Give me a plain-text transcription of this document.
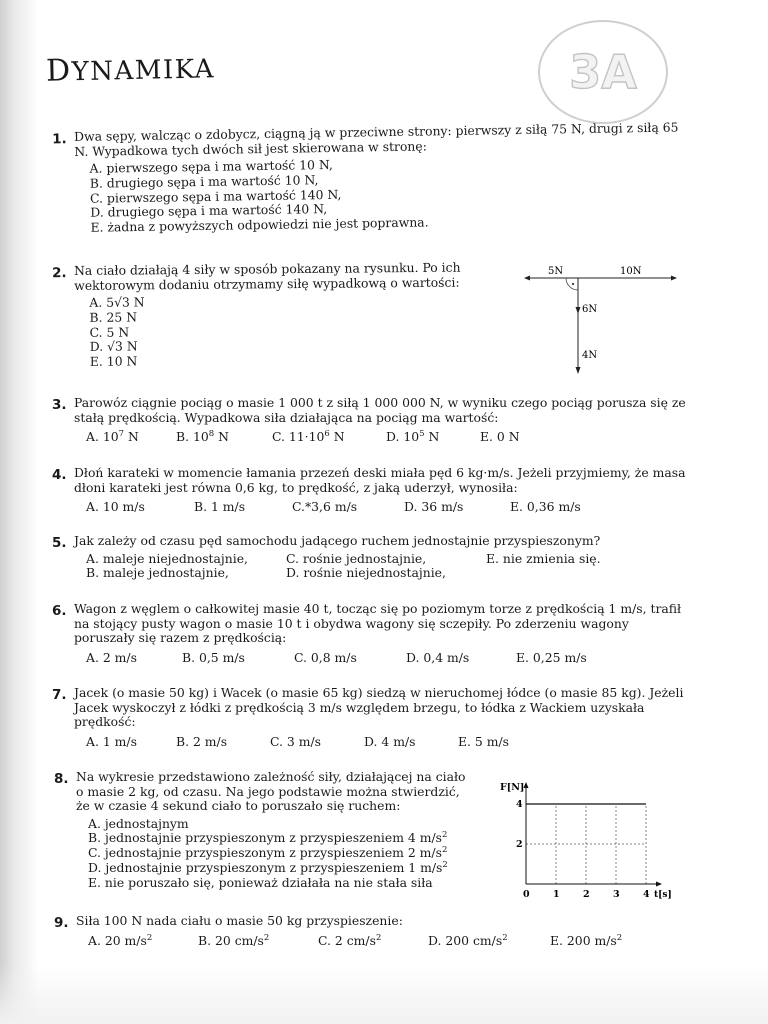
DYNAMIKA	3A
1. Dwa sępy, walcząc o zdobycz, ciągną ją w przeciwne strony: pierwszy z siłą 75 N, drugi z siłą 65 N. Wypadkowa tych dwóch sił jest skierowana w stronę:

A. pierwszego sępa i ma wartość 10 N,
B. drugiego sępa i ma wartość 10 N,
C. pierwszego sępa i ma wartość 140 N,
D. drugiego sępa i ma wartość 140 N,
E. żadna z powyższych odpowiedzi nie jest poprawna.
2. Na ciało działają 4 siły w sposób pokazany na rysunku. Po ich wektorowym dodaniu otrzymamy siłę wypadkową o wartości:

A. 5√3 N
B. 25 N
C. 5 N
D. √3 N
E. 10 N
5N	10N
6N
4N
3. Parowóz ciągnie pociąg o masie 1 000 t z siłą 1 000 000 N, w wyniku czego pociąg porusza się ze stałą prędkością. Wypadkowa siła działająca na pociąg ma wartość:

A. $10^7$ N	B. $10^8$ N	C. $11\cdot 10^6$ N	D. $10^5$ N	E. 0 N
4. Dłoń karateki w momencie łamania przezeń deski miała pęd 6 kg·m/s. Jeżeli przyjmiemy, że masa dłoni karateki jest równa 0,6 kg, to prędkość, z jaką uderzył, wynosiła:

A. 10 m/s	B. 1 m/s	C.*3,6 m/s	D. 36 m/s	E. 0,36 m/s
5. Jak zależy od czasu pęd samochodu jadącego ruchem jednostajnie przyspieszonym?

A. maleje niejednostajnie,
B. maleje jednostajnie,
C. rośnie jednostajnie,
D. rośnie niejednostajnie,
E. nie zmienia się.
6. Wagon z węglem o całkowitej masie 40 t, tocząc się po poziomym torze z prędkością 1 m/s, trafił na stojący pusty wagon o masie 10 t i obydwa wagony się sczepiły. Po zderzeniu wagony poruszały się razem z prędkością:

A. 2 m/s	B. 0,5 m/s	C. 0,8 m/s	D. 0,4 m/s	E. 0,25 m/s
7. Jacek (o masie 50 kg) i Wacek (o masie 65 kg) siedzą w nieruchomej łódce (o masie 85 kg). Jeżeli Jacek wyskoczył z łódki z prędkością 3 m/s względem brzegu, to łódka z Wackiem uzyskała prędkość:

A. 1 m/s	B. 2 m/s	C. 3 m/s	D. 4 m/s	E. 5 m/s
8. Na wykresie przedstawiono zależność siły, działającej na ciało o masie 2 kg, od czasu. Na jego podstawie można stwierdzić, że w czasie 4 sekund ciało to poruszało się ruchem:

A. jednostajnym
B. jednostajnie przyspieszonym z przyspieszeniem 4 $m/s^2$
C. jednostajnie przyspieszonym z przyspieszeniem 2 $m/s^2$
D. jednostajnie przyspieszonym z przyspieszeniem 1 $m/s^2$
E. nie poruszało się, ponieważ działała na nie stała siła
0 1 2 3 4
2
4
t[s]
F[N]
9. Siła 100 N nada ciału o masie 50 kg przyspieszenie:

A. 20 $m/s^2$	B. 20 $cm/s^2$	C. 2 $cm/s^2$	D. 200 $cm/s^2$	E. 200 $m/s^2$
